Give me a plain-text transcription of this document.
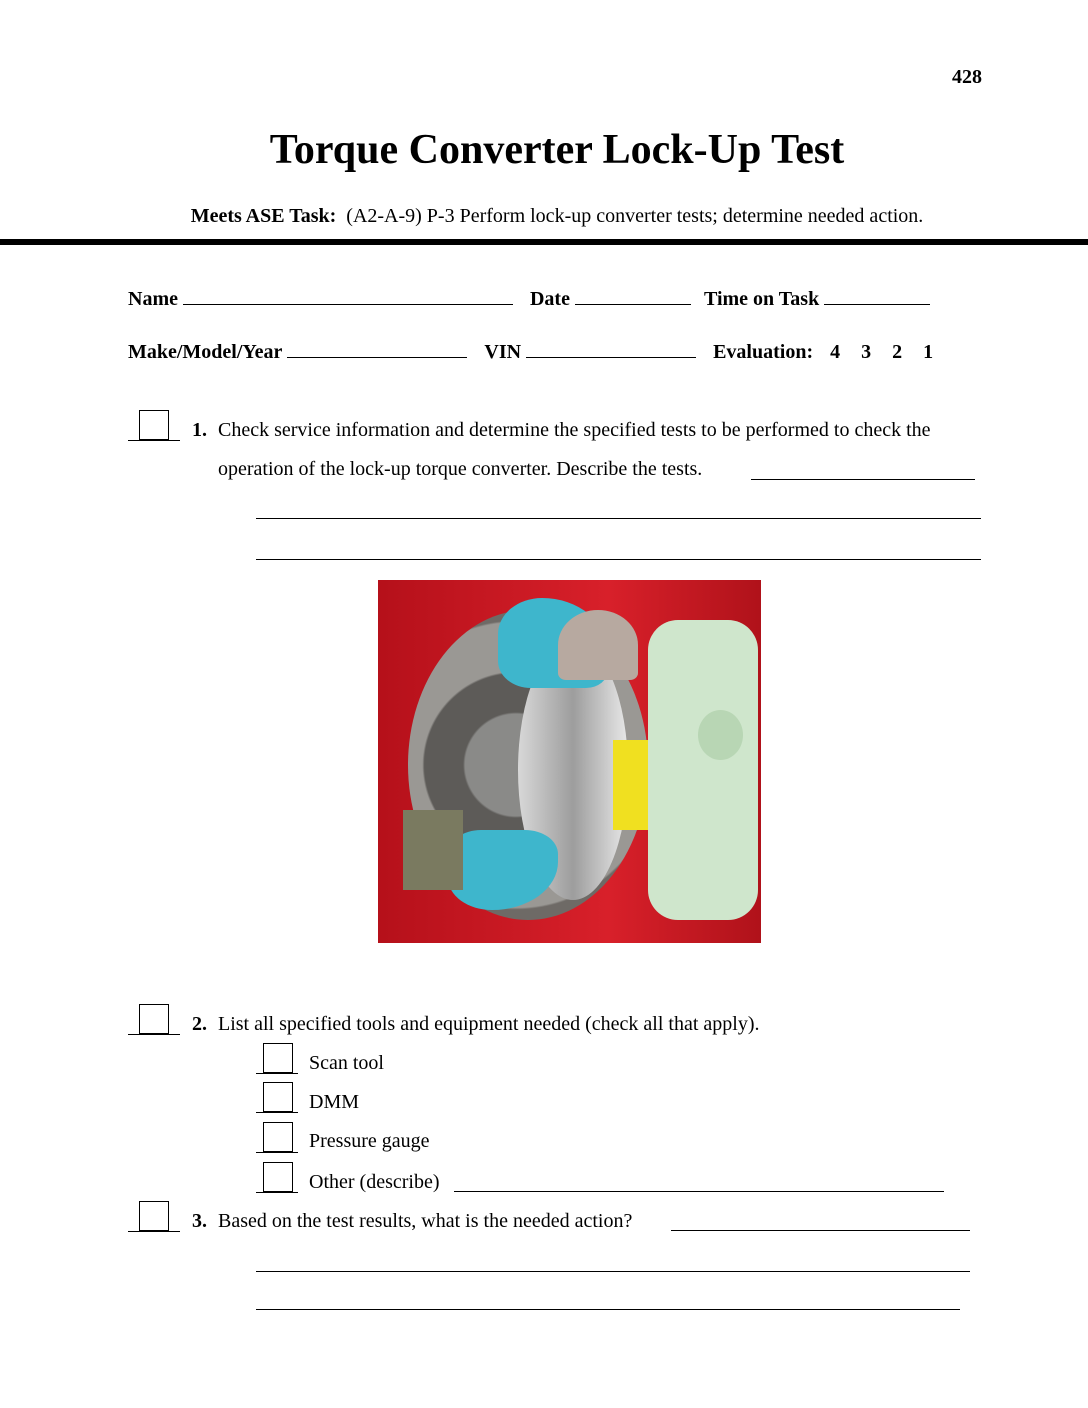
428
Torque Converter Lock-Up Test
Meets ASE Task: (A2-A-9) P-3 Perform lock-up converter tests; determine needed action.
Name	Date	Time on Task
Make/Model/Year	VIN	Evaluation: 4 3 2 1
1. Check service information and determine the specified tests to be performed to check the
operation of the lock-up torque converter. Describe the tests.
2. List all specified tools and equipment needed (check all that apply).
Scan tool
DMM
Pressure gauge
Other (describe)
3. Based on the test results, what is the needed action?
